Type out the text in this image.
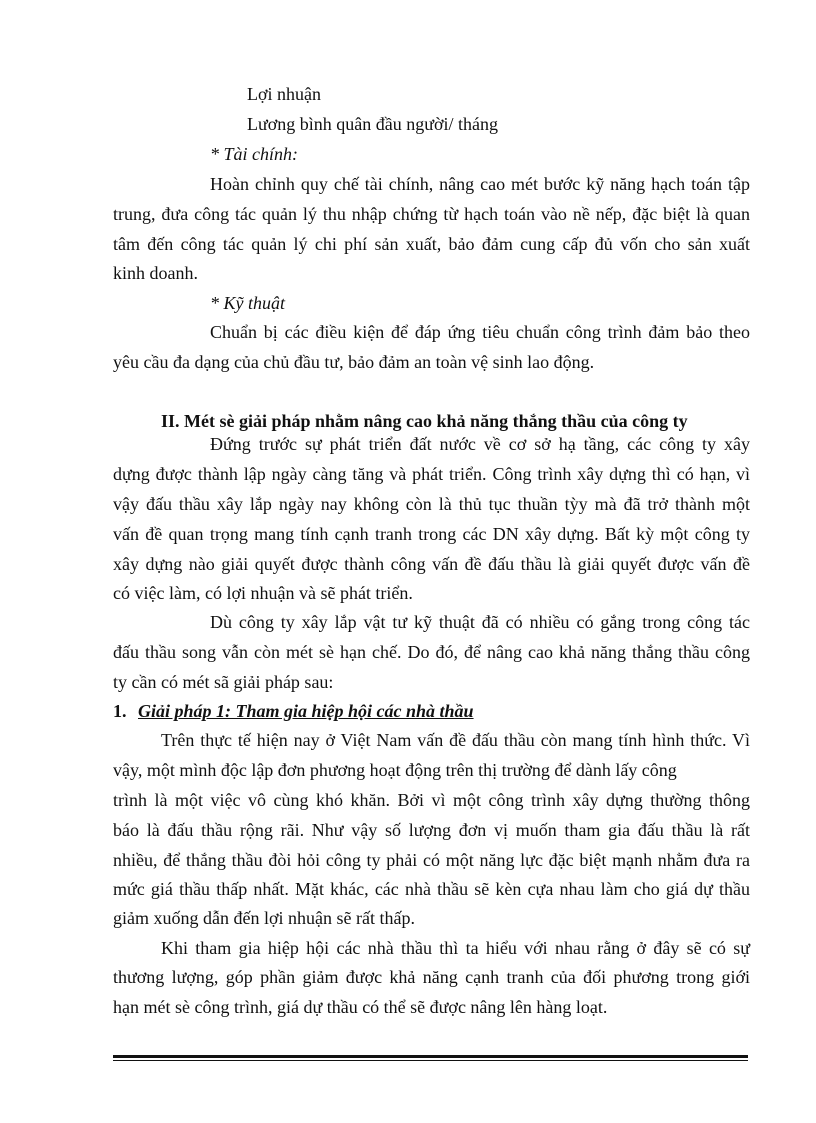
Lợi nhuận
Lương bình quân đầu người/ tháng
* Tài chính:
Hoàn chỉnh quy chế tài chính, nâng cao mét bước kỹ năng hạch toán tập
trung, đưa công tác quản lý thu nhập chứng từ hạch toán vào nề nếp, đặc biệt là quan
tâm đến công tác quản lý chi phí sản xuất, bảo đảm cung cấp đủ vốn cho sản xuất
kinh doanh.
* Kỹ thuật
Chuẩn bị các điều kiện để đáp ứng tiêu chuẩn công trình đảm bảo theo
yêu cầu đa dạng của chủ đầu tư, bảo đảm an toàn vệ sinh lao động.
II. Mét sè giải pháp nhằm nâng cao khả năng thắng thầu của công ty
Đứng trước sự phát triển đất nước về cơ sở hạ tầng, các công ty xây
dựng được thành lập ngày càng tăng và phát triển. Công trình xây dựng thì có hạn, vì
vậy đấu thầu xây lắp ngày nay không còn là thủ tục thuần tỳy mà đã trở thành một
vấn đề quan trọng mang tính cạnh tranh trong các DN xây dựng. Bất kỳ một công ty
xây dựng nào giải quyết được thành công vấn đề đấu thầu là giải quyết được vấn đề
có việc làm, có lợi nhuận và sẽ phát triển.
Dù công ty xây lắp vật tư kỹ thuật đã có nhiều có gắng trong công tác
đấu thầu song vẫn còn mét sè hạn chế. Do đó, để nâng cao khả năng thắng thầu công
ty cần có mét sã giải pháp sau:
1. Giải pháp 1: Tham gia hiệp hội các nhà thầu
Trên thực tế hiện nay ở Việt Nam vấn đề đấu thầu còn mang tính hình thức. Vì
vậy, một mình độc lập đơn phương hoạt động trên thị trường để dành lấy công
trình là một việc vô cùng khó khăn. Bởi vì một công trình xây dựng thường thông
báo là đấu thầu rộng rãi. Như vậy số lượng đơn vị muốn tham gia đấu thầu là rất
nhiều, để thắng thầu đòi hỏi công ty phải có một năng lực đặc biệt mạnh nhằm đưa ra
mức giá thầu thấp nhất. Mặt khác, các nhà thầu sẽ kèn cựa nhau làm cho giá dự thầu
giảm xuống dẫn đến lợi nhuận sẽ rất thấp.
Khi tham gia hiệp hội các nhà thầu thì ta hiểu với nhau rằng ở đây sẽ có sự
thương lượng, góp phần giảm được khả năng cạnh tranh của đối phương trong giới
hạn mét sè công trình, giá dự thầu có thể sẽ được nâng lên hàng loạt.
